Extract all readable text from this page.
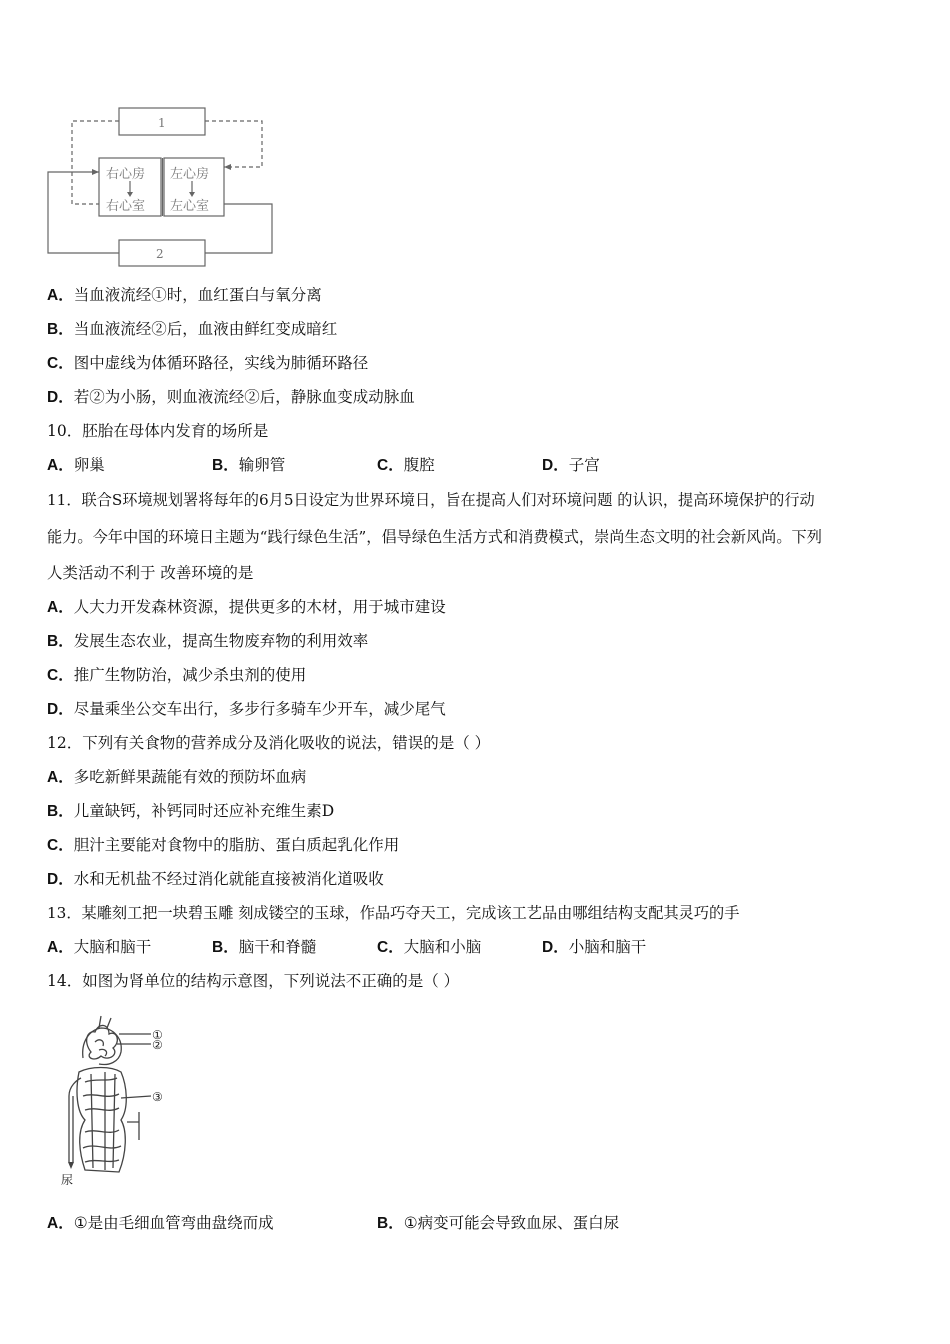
1
2
右心房
右心室
左心房
左心室
A．当血液流经①时，血红蛋白与氧分离
B．当血液流经②后，血液由鲜红变成暗红
C．图中虚线为体循环路径，实线为肺循环路径
D．若②为小肠，则血液流经②后，静脉血变成动脉血
10．胚胎在母体内发育的场所是
A．卵巢	B．输卵管	C．腹腔	D．子宫
11．联合S环境规划署将每年的6月5日设定为世界环境日，旨在提高人们对环境问题 的认识，提高环境保护的行动
能力。今年中国的环境日主题为“践行绿色生活”，倡导绿色生活方式和消费模式，崇尚生态文明的社会新风尚。下列
人类活动不利于 改善环境的是
A．人大力开发森林资源，提供更多的木材，用于城市建设
B．发展生态农业，提高生物废弃物的利用效率
C．推广生物防治，减少杀虫剂的使用
D．尽量乘坐公交车出行，多步行多骑车少开车，减少尾气
12．下列有关食物的营养成分及消化吸收的说法，错误的是（ ）
A．多吃新鲜果蔬能有效的预防坏血病
B．儿童缺钙，补钙同时还应补充维生素D
C．胆汁主要能对食物中的脂肪、蛋白质起乳化作用
D．水和无机盐不经过消化就能直接被消化道吸收
13．某雕刻工把一块碧玉雕 刻成镂空的玉球，作品巧夺天工，完成该工艺品由哪组结构支配其灵巧的手
A．大脑和脑干	B．脑干和脊髓	C．大脑和小脑	D．小脑和脑干
14．如图为肾单位的结构示意图，下列说法不正确的是（ ）
①
②
③
尿
A．①是由毛细血管弯曲盘绕而成	B．①病变可能会导致血尿、蛋白尿
